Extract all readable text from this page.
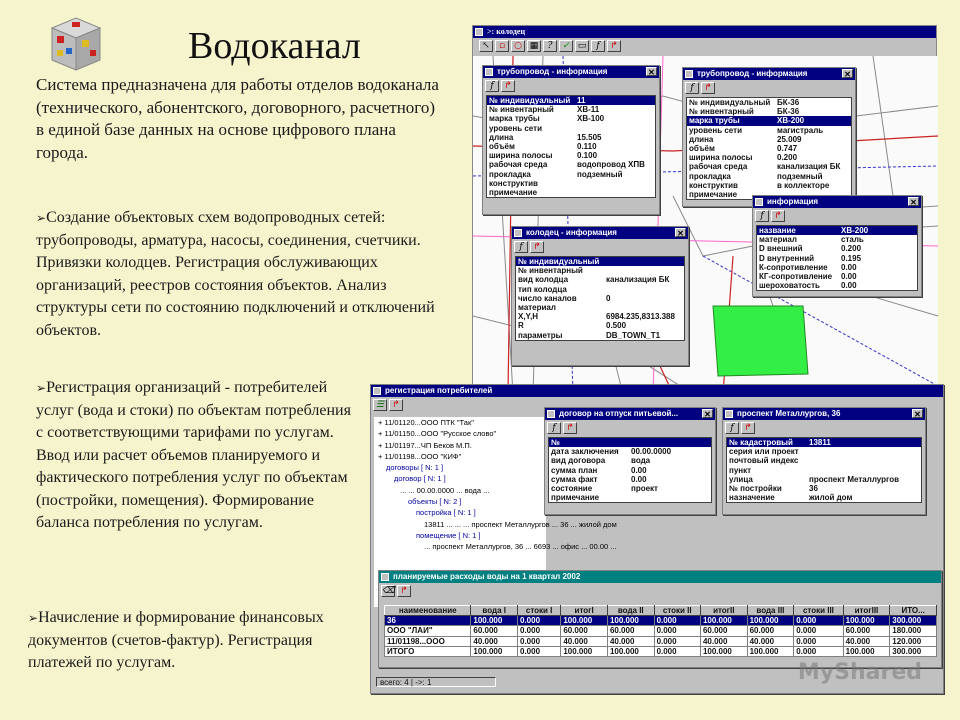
Водоканал
Система предназначена для работы отделов водоканала (технического, абонентского, договорного, расчетного) в единой базе данных на основе цифрового плана города.
➢Создание объектовых схем водопроводных сетей: трубопроводы, арматура, насосы, соединения, счетчики. Привязки колодцев. Регистрация обслуживающих организаций, реестров состояния объектов. Анализ структуры сети по состоянию подключений и отключений объектов.
➢Регистрация организаций - потребителей услуг (вода и стоки) по объектам потребления с соответствующими тарифами по услугам. Ввод или расчет объемов планируемого и фактического потребления услуг по объектам (постройки, помещения). Формирование баланса потребления по услугам.
➢Начисление и формирование финансовых документов (счетов-фактур). Регистрация платежей по услугам.
>: колодец
↖	▫	○ ▦	?	✓ ▭	f	↱
трубопровод - информация	✕
f	↱
№ индивидуальный 11
№ инвентарный	ХВ-11
марка трубы	ХВ-100
уровень сети
длина	15.505
объём	0.110
ширина полосы	0.100
рабочая среда	водопровод ХПВ
прокладка	подземный
конструктив
примечание
трубопровод - информация	✕
f	↱
№ индивидуальный БК-36
№ инвентарный	БК-36
марка трубы	ХВ-200
уровень сети	магистраль
длина	25.009
объём	0.747
ширина полосы	0.200
рабочая среда	канализация БК
прокладка	подземный
конструктив	в коллекторе
примечание
информация	✕
f	↱
название	ХВ-200
материал	сталь
D внешний	0.200
D внутренний	0.195
К-сопротивление	0.00
КГ-сопротивление	0.00
шероховатость	0.00
колодец - информация	✕
f	↱
№ индивидуальный
№ инвентарный
вид колодца	канализация БК
тип колодца
число каналов	0
материал
X,Y,H	6984.235,8313.388
R	0.500
параметры	DB_TOWN_T1
регистрация потребителей
☰ ↱
+ 11/01120...ООО ПТК "Так"
+ 11/01150...ООО "Русское слово"
+ 11/01197...ЧП Беков М.П.
+ 11/01198...ООО "КИФ"
договоры [ N: 1 ]
договор [ N: 1 ]
... ... 00.00.0000 ... вода ...
объекты [ N: 2 ]
постройка [ N: 1 ]
13811 ... ... ... проспект Металлургов ... 36 ... жилой дом
помещение [ N: 1 ]
... проспект Металлургов, 36 ... 6693 ... офис ... 00.00 ...
всего: 4 | ->: 1
договор на отпуск питьевой...	✕
f	↱
№
дата заключения	00.00.0000
вид договора	вода
сумма план	0.00
сумма факт	0.00
состояние	проект
примечание
проспект Металлургов, 36	✕
f	↱
№ кадастровый	13811
серия или проект
почтовый индекс
пункт
улица	проспект Металлургов
№ постройки	36
назначение	жилой дом
планируемые расходы воды на 1 квартал 2002
⌫ ↱
наименование	вода I	стоки I	итогI	вода II	стоки II	итогII	вода III	стоки III	итогIII	ИТО...
36	100.000	0.000	100.000	100.000	0.000	100.000	100.000	0.000	100.000	300.000
ООО "ЛАИ"	60.000	0.000	60.000	60.000	0.000	60.000	60.000	0.000	60.000	180.000
11/01198...ООО	40.000	0.000	40.000	40.000	0.000	40.000	40.000	0.000	40.000	120.000
ИТОГО	100.000	0.000	100.000	100.000	0.000	100.000	100.000	0.000	100.000	300.000
MyShared
